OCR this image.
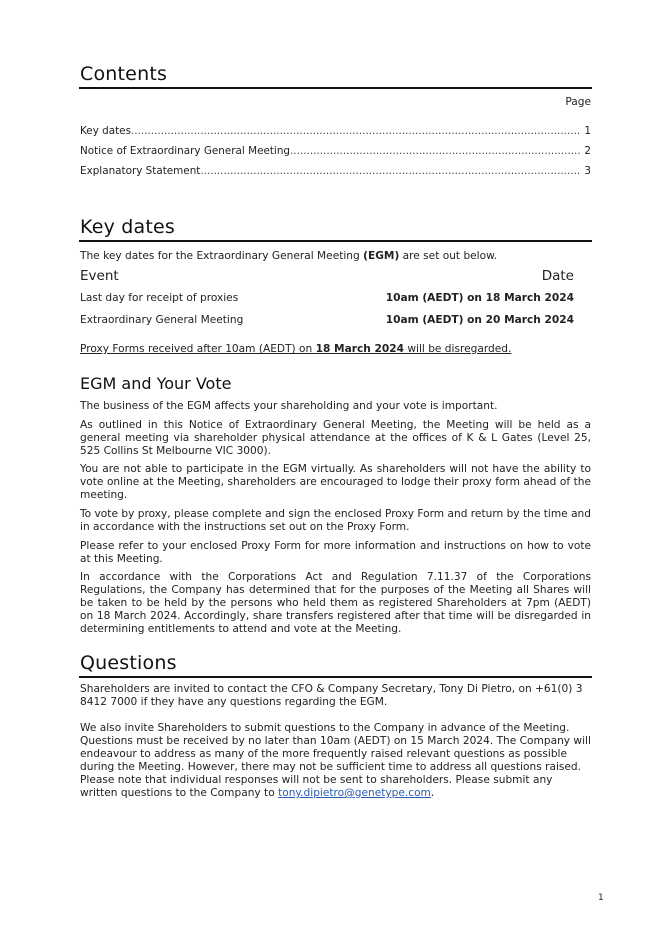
Contents
Page
Key dates .....	1
Notice of Extraordinary General Meeting .....	2
Explanatory Statement .....	3
Key dates
The key dates for the Extraordinary General Meeting (EGM) are set out below.
Event	Date
Last day for receipt of proxies	10am (AEDT) on 18 March 2024
Extraordinary General Meeting	10am (AEDT) on 20 March 2024
Proxy Forms received after 10am (AEDT) on 18 March 2024 will be disregarded.
EGM and Your Vote
The business of the EGM affects your shareholding and your vote is important.
As outlined in this Notice of Extraordinary General Meeting, the Meeting will be held as a general meeting via shareholder physical attendance at the offices of K & L Gates (Level 25, 525 Collins St Melbourne VIC 3000).
You are not able to participate in the EGM virtually. As shareholders will not have the ability to vote online at the Meeting, shareholders are encouraged to lodge their proxy form ahead of the meeting.
To vote by proxy, please complete and sign the enclosed Proxy Form and return by the time and in accordance with the instructions set out on the Proxy Form.
Please refer to your enclosed Proxy Form for more information and instructions on how to vote at this Meeting.
In accordance with the Corporations Act and Regulation 7.11.37 of the Corporations Regulations, the Company has determined that for the purposes of the Meeting all Shares will be taken to be held by the persons who held them as registered Shareholders at 7pm (AEDT) on 18 March 2024. Accordingly, share transfers registered after that time will be disregarded in determining entitlements to attend and vote at the Meeting.
Questions
Shareholders are invited to contact the CFO & Company Secretary, Tony Di Pietro, on +61(0) 3 8412 7000 if they have any questions regarding the EGM.
We also invite Shareholders to submit questions to the Company in advance of the Meeting. Questions must be received by no later than 10am (AEDT) on 15 March 2024. The Company will endeavour to address as many of the more frequently raised relevant questions as possible during the Meeting. However, there may not be sufficient time to address all questions raised. Please note that individual responses will not be sent to shareholders. Please submit any written questions to the Company to tony.dipietro@genetype.com.
1
